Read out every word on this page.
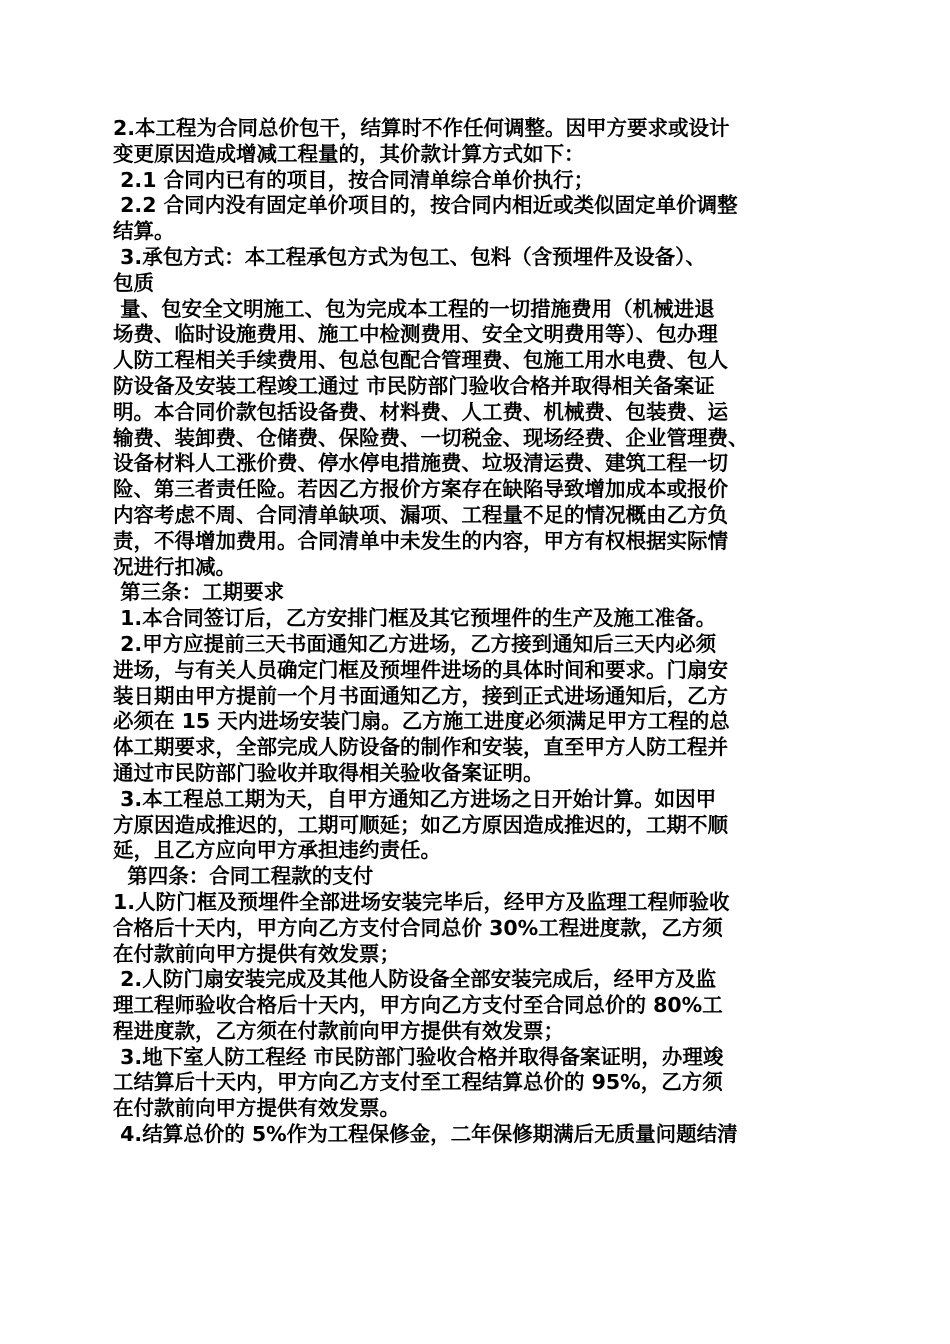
2.本工程为合同总价包干，结算时不作任何调整。因甲方要求或设计
变更原因造成增减工程量的，其价款计算方式如下：
2.1 合同内已有的项目，按合同清单综合单价执行；
2.2 合同内没有固定单价项目的，按合同内相近或类似固定单价调整
结算。
3.承包方式：本工程承包方式为包工、包料（含预埋件及设备）、
包质
量、包安全文明施工、包为完成本工程的一切措施费用（机械进退
场费、临时设施费用、施工中检测费用、安全文明费用等）、包办理
人防工程相关手续费用、包总包配合管理费、包施工用水电费、包人
防设备及安装工程竣工通过 市民防部门验收合格并取得相关备案证
明。本合同价款包括设备费、材料费、人工费、机械费、包装费、运
输费、装卸费、仓储费、保险费、一切税金、现场经费、企业管理费、
设备材料人工涨价费、停水停电措施费、垃圾清运费、建筑工程一切
险、第三者责任险。若因乙方报价方案存在缺陷导致增加成本或报价
内容考虑不周、合同清单缺项、漏项、工程量不足的情况概由乙方负
责，不得增加费用。合同清单中未发生的内容，甲方有权根据实际情
况进行扣减。
第三条：工期要求
1.本合同签订后，乙方安排门框及其它预埋件的生产及施工准备。
2.甲方应提前三天书面通知乙方进场，乙方接到通知后三天内必须
进场，与有关人员确定门框及预埋件进场的具体时间和要求。门扇安
装日期由甲方提前一个月书面通知乙方，接到正式进场通知后，乙方
必须在 15 天内进场安装门扇。乙方施工进度必须满足甲方工程的总
体工期要求，全部完成人防设备的制作和安装，直至甲方人防工程并
通过市民防部门验收并取得相关验收备案证明。
3.本工程总工期为天，自甲方通知乙方进场之日开始计算。如因甲
方原因造成推迟的，工期可顺延；如乙方原因造成推迟的，工期不顺
延，且乙方应向甲方承担违约责任。
第四条：合同工程款的支付
1.人防门框及预埋件全部进场安装完毕后，经甲方及监理工程师验收
合格后十天内，甲方向乙方支付合同总价 30%工程进度款，乙方须
在付款前向甲方提供有效发票；
2.人防门扇安装完成及其他人防设备全部安装完成后，经甲方及监
理工程师验收合格后十天内，甲方向乙方支付至合同总价的 80%工
程进度款，乙方须在付款前向甲方提供有效发票；
3.地下室人防工程经 市民防部门验收合格并取得备案证明，办理竣
工结算后十天内，甲方向乙方支付至工程结算总价的 95%，乙方须
在付款前向甲方提供有效发票。
4.结算总价的 5%作为工程保修金，二年保修期满后无质量问题结清
